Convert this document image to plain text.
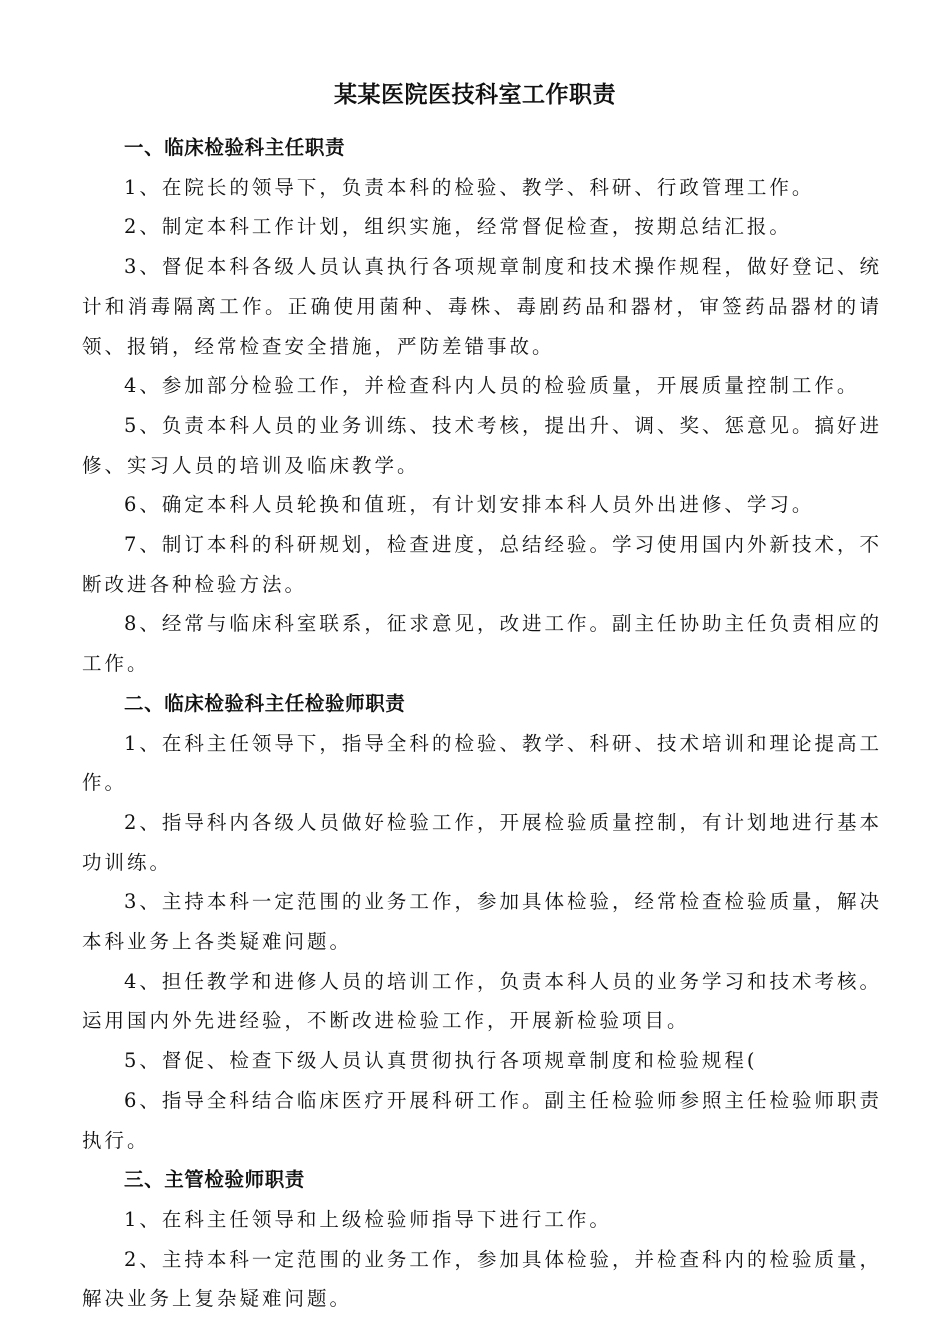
某某医院医技科室工作职责
一、临床检验科主任职责

1、在院长的领导下，负责本科的检验、教学、科研、行政管理工作。

2、制定本科工作计划，组织实施，经常督促检查，按期总结汇报。

3、督促本科各级人员认真执行各项规章制度和技术操作规程，做好登记、统计和消毒隔离工作。正确使用菌种、毒株、毒剧药品和器材，审签药品器材的请领、报销，经常检查安全措施，严防差错事故。

4、参加部分检验工作，并检查科内人员的检验质量，开展质量控制工作。

5、负责本科人员的业务训练、技术考核，提出升、调、奖、惩意见。搞好进修、实习人员的培训及临床教学。

6、确定本科人员轮换和值班，有计划安排本科人员外出进修、学习。

7、制订本科的科研规划，检查进度，总结经验。学习使用国内外新技术，不断改进各种检验方法。

8、经常与临床科室联系，征求意见，改进工作。副主任协助主任负责相应的工作。

二、临床检验科主任检验师职责

1、在科主任领导下，指导全科的检验、教学、科研、技术培训和理论提高工作。

2、指导科内各级人员做好检验工作，开展检验质量控制，有计划地进行基本功训练。

3、主持本科一定范围的业务工作，参加具体检验，经常检查检验质量，解决本科业务上各类疑难问题。

4、担任教学和进修人员的培训工作，负责本科人员的业务学习和技术考核。运用国内外先进经验，不断改进检验工作，开展新检验项目。

5、督促、检查下级人员认真贯彻执行各项规章制度和检验规程(

6、指导全科结合临床医疗开展科研工作。副主任检验师参照主任检验师职责执行。

三、主管检验师职责

1、在科主任领导和上级检验师指导下进行工作。

2、主持本科一定范围的业务工作，参加具体检验，并检查科内的检验质量，解决业务上复杂疑难问题。
